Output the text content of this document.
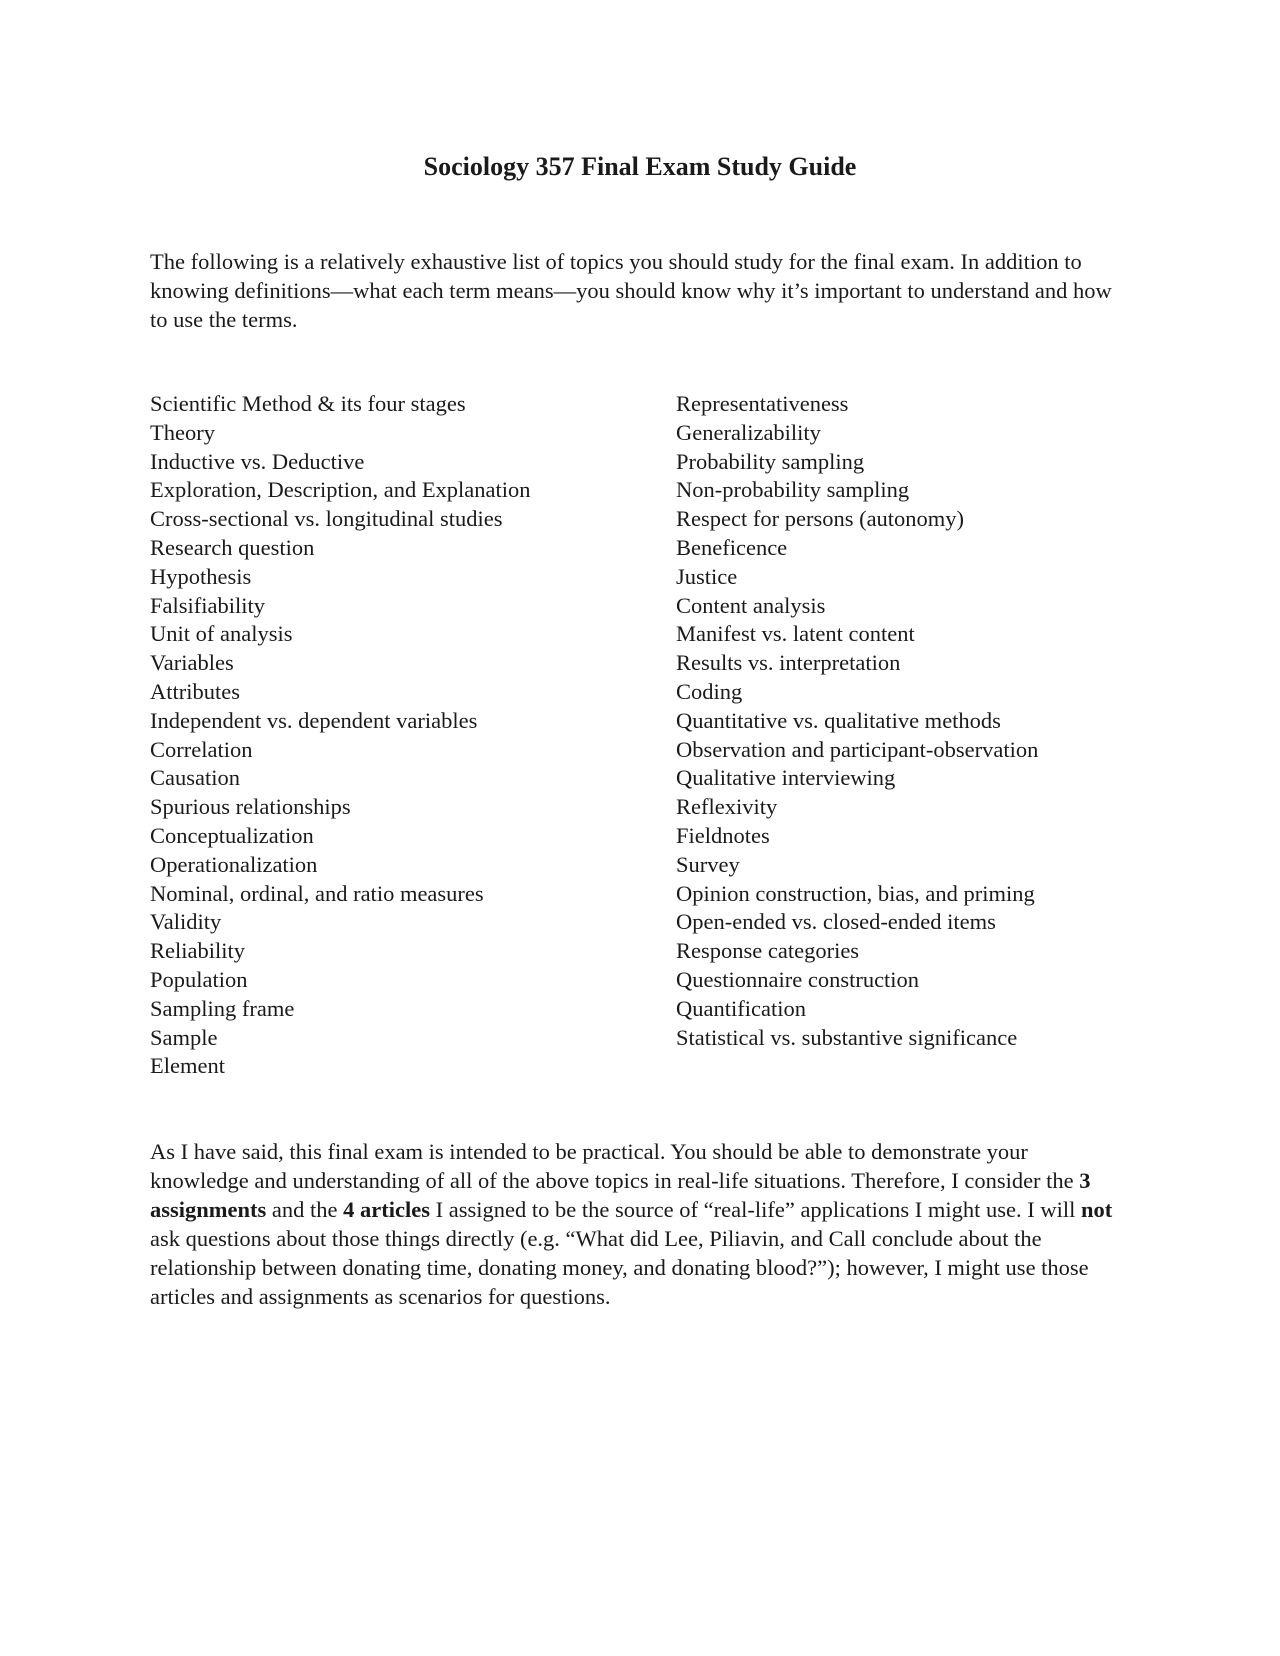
Sociology 357 Final Exam Study Guide

The following is a relatively exhaustive list of topics you should study for the final exam. In addition to knowing definitions—what each term means—you should know why it’s important to understand and how to use the terms.

Scientific Method & its four stages
Theory
Inductive vs. Deductive
Exploration, Description, and Explanation
Cross-sectional vs. longitudinal studies
Research question
Hypothesis
Falsifiability
Unit of analysis
Variables
Attributes
Independent vs. dependent variables
Correlation
Causation
Spurious relationships
Conceptualization
Operationalization
Nominal, ordinal, and ratio measures
Validity
Reliability
Population
Sampling frame
Sample
Element
Representativeness
Generalizability
Probability sampling
Non-probability sampling
Respect for persons (autonomy)
Beneficence
Justice
Content analysis
Manifest vs. latent content
Results vs. interpretation
Coding
Quantitative vs. qualitative methods
Observation and participant-observation
Qualitative interviewing
Reflexivity
Fieldnotes
Survey
Opinion construction, bias, and priming
Open-ended vs. closed-ended items
Response categories
Questionnaire construction
Quantification
Statistical vs. substantive significance

As I have said, this final exam is intended to be practical. You should be able to demonstrate your knowledge and understanding of all of the above topics in real-life situations. Therefore, I consider the 3 assignments and the 4 articles I assigned to be the source of “real-life” applications I might use. I will not ask questions about those things directly (e.g. “What did Lee, Piliavin, and Call conclude about the relationship between donating time, donating money, and donating blood?”); however, I might use those articles and assignments as scenarios for questions.
